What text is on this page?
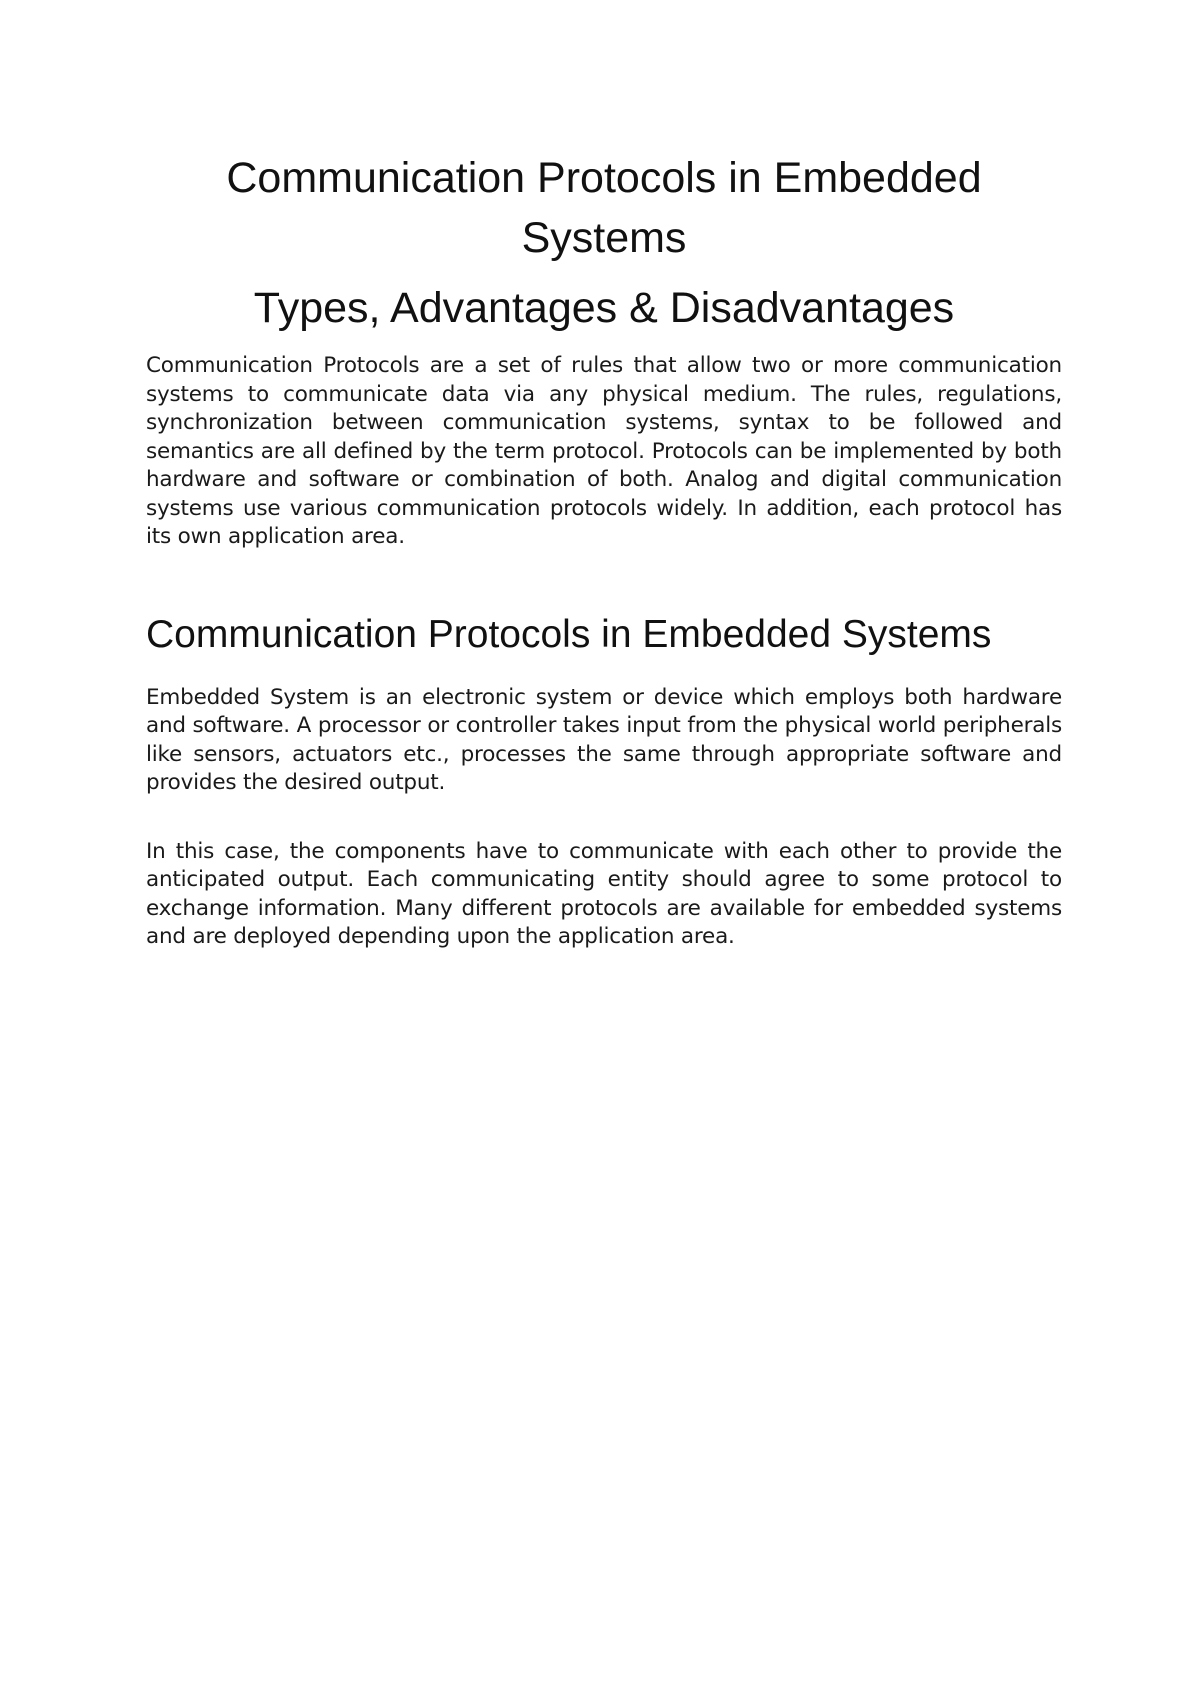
Communication Protocols in Embedded Systems
Types, Advantages & Disadvantages

Communication Protocols are a set of rules that allow two or more communication systems to communicate data via any physical medium. The rules, regulations, synchronization between communication systems, syntax to be followed and semantics are all defined by the term protocol. Protocols can be implemented by both hardware and software or combination of both. Analog and digital communication systems use various communication protocols widely. In addition, each protocol has its own application area.

Communication Protocols in Embedded Systems

Embedded System is an electronic system or device which employs both hardware and software. A processor or controller takes input from the physical world peripherals like sensors, actuators etc., processes the same through appropriate software and provides the desired output.

In this case, the components have to communicate with each other to provide the anticipated output. Each communicating entity should agree to some protocol to exchange information. Many different protocols are available for embedded systems and are deployed depending upon the application area.
